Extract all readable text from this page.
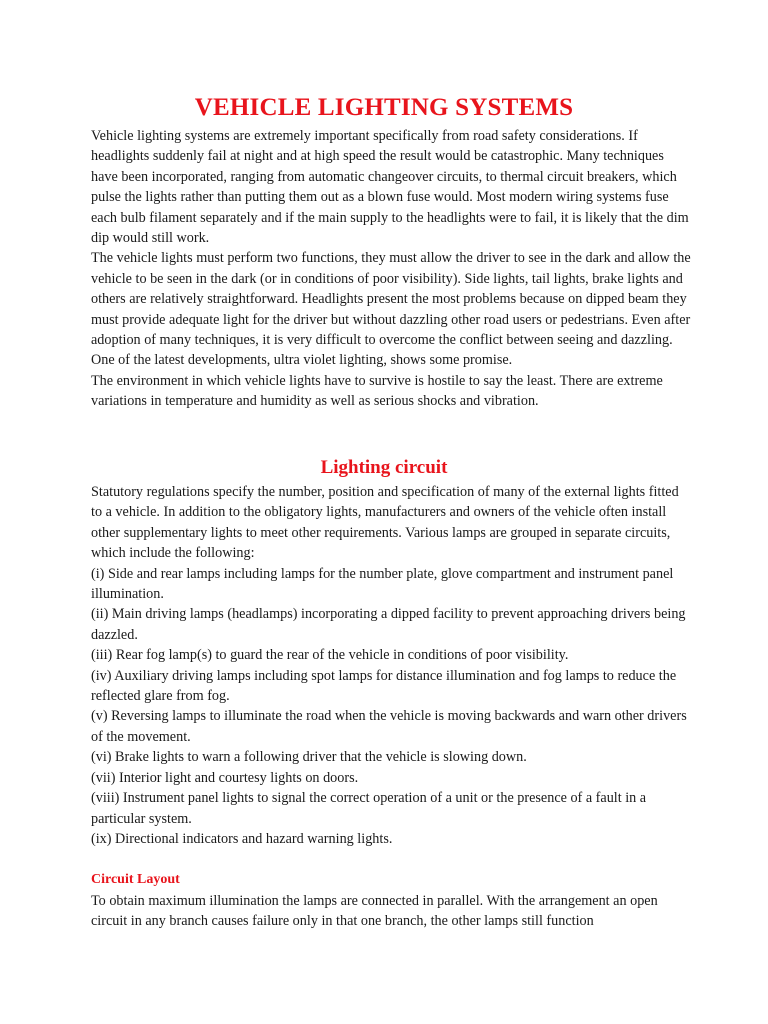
VEHICLE LIGHTING SYSTEMS

Vehicle lighting systems are extremely important specifically from road safety considerations. If headlights suddenly fail at night and at high speed the result would be catastrophic. Many techniques have been incorporated, ranging from automatic changeover circuits, to thermal circuit breakers, which pulse the lights rather than putting them out as a blown fuse would. Most modern wiring systems fuse each bulb filament separately and if the main supply to the headlights were to fail, it is likely that the dim dip would still work.

The vehicle lights must perform two functions, they must allow the driver to see in the dark and allow the vehicle to be seen in the dark (or in conditions of poor visibility). Side lights, tail lights, brake lights and others are relatively straightforward. Headlights present the most problems because on dipped beam they must provide adequate light for the driver but without dazzling other road users or pedestrians. Even after adoption of many techniques, it is very difficult to overcome the conflict between seeing and dazzling. One of the latest developments, ultra violet lighting, shows some promise.

The environment in which vehicle lights have to survive is hostile to say the least. There are extreme variations in temperature and humidity as well as serious shocks and vibration.

Lighting circuit

Statutory regulations specify the number, position and specification of many of the external lights fitted to a vehicle. In addition to the obligatory lights, manufacturers and owners of the vehicle often install other supplementary lights to meet other requirements. Various lamps are grouped in separate circuits, which include the following:

(i) Side and rear lamps including lamps for the number plate, glove compartment and instrument panel illumination.

(ii) Main driving lamps (headlamps) incorporating a dipped facility to prevent approaching drivers being dazzled.

(iii) Rear fog lamp(s) to guard the rear of the vehicle in conditions of poor visibility.

(iv) Auxiliary driving lamps including spot lamps for distance illumination and fog lamps to reduce the reflected glare from fog.

(v) Reversing lamps to illuminate the road when the vehicle is moving backwards and warn other drivers of the movement.

(vi) Brake lights to warn a following driver that the vehicle is slowing down.

(vii) Interior light and courtesy lights on doors.

(viii) Instrument panel lights to signal the correct operation of a unit or the presence of a fault in a particular system.

(ix) Directional indicators and hazard warning lights.

Circuit Layout

To obtain maximum illumination the lamps are connected in parallel. With the arrangement an open circuit in any branch causes failure only in that one branch, the other lamps still function
